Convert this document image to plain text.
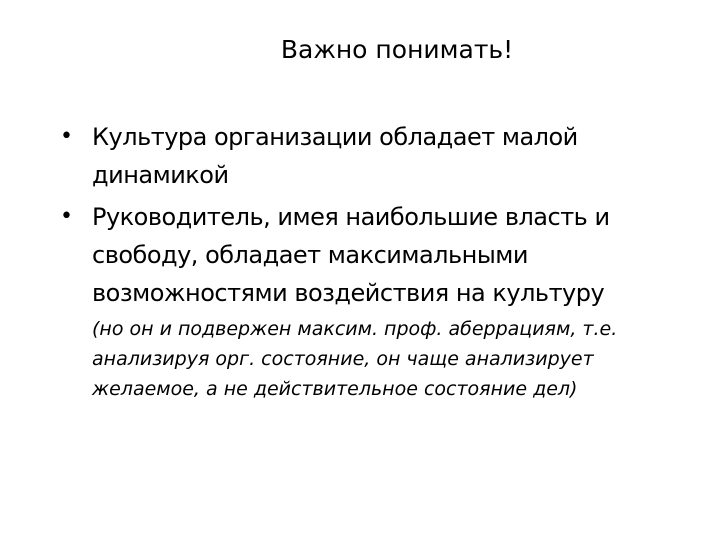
Важно понимать!
• Культура организации обладает малой динамикой
• Руководитель, имея наибольшие власть и свободу, обладает максимальными возможностями воздействия на культуру
(но он и подвержен максим. проф. аберрациям, т.е. анализируя орг. состояние, он чаще анализирует желаемое, а не действительное состояние дел)
